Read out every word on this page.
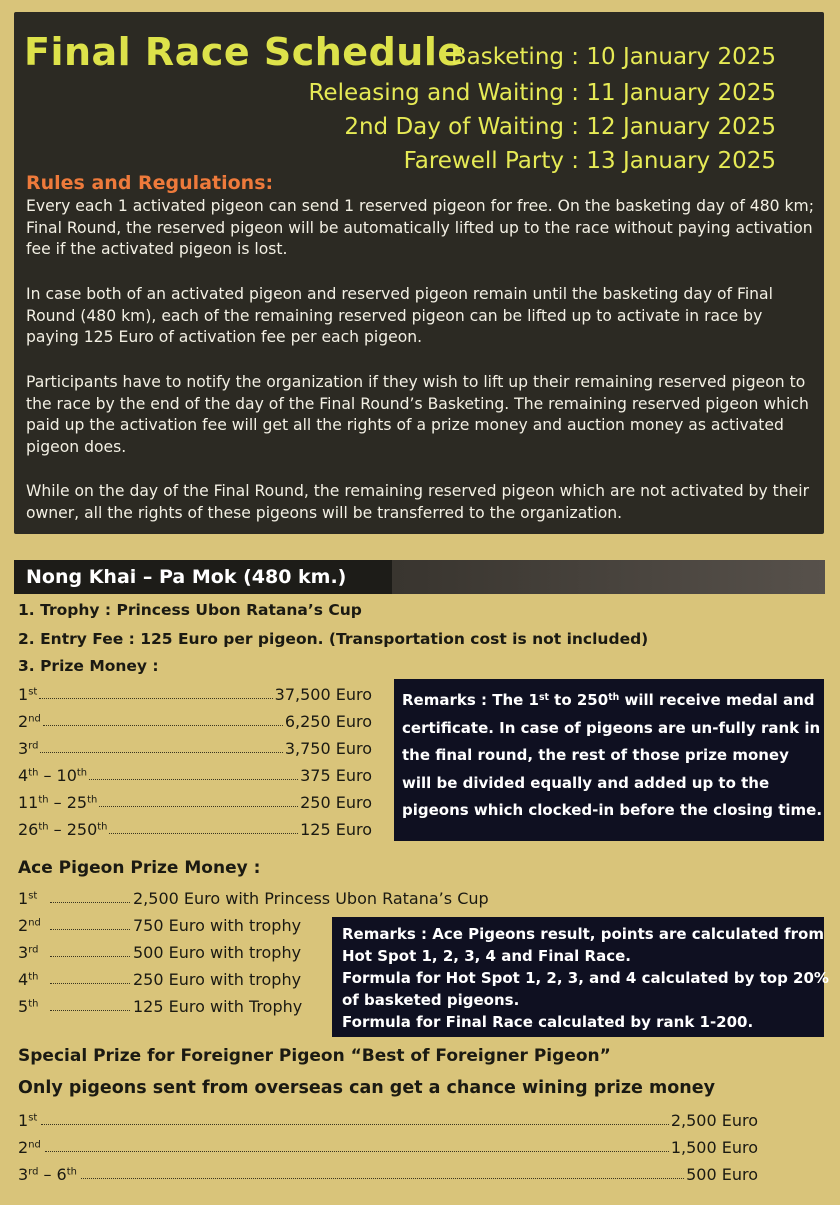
Final Race Schedule
Basketing : 10 January 2025
Releasing and Waiting : 11 January 2025
2nd Day of Waiting : 12 January 2025
Farewell Party : 13 January 2025
Rules and Regulations:
Every each 1 activated pigeon can send 1 reserved pigeon for free. On the basketing day of 480 km; Final Round, the reserved pigeon will be automatically lifted up to the race without paying activation fee if the activated pigeon is lost.
In case both of an activated pigeon and reserved pigeon remain until the basketing day of Final Round (480 km), each of the remaining reserved pigeon can be lifted up to activate in race by paying 125 Euro of activation fee per each pigeon.
Participants have to notify the organization if they wish to lift up their remaining reserved pigeon to the race by the end of the day of the Final Round’s Basketing. The remaining reserved pigeon which paid up the activation fee will get all the rights of a prize money and auction money as activated pigeon does.
While on the day of the Final Round, the remaining reserved pigeon which are not activated by their owner, all the rights of these pigeons will be transferred to the organization.
Nong Khai – Pa Mok (480 km.)
1. Trophy : Princess Ubon Ratana’s Cup
2. Entry Fee : 125 Euro per pigeon. (Transportation cost is not included)
3. Prize Money :
1st	37,500 Euro
2nd	6,250 Euro
3rd	3,750 Euro
4th – 10th	375 Euro
11th – 25th	250 Euro
26th – 250th	125 Euro
Remarks : The 1st to 250th will receive medal and
certificate. In case of pigeons are un-fully rank in
the final round, the rest of those prize money
will be divided equally and added up to the
pigeons which clocked-in before the closing time.
Ace Pigeon Prize Money :
1st	2,500 Euro with Princess Ubon Ratana’s Cup
2nd	750 Euro with trophy
3rd	500 Euro with trophy
4th	250 Euro with trophy
5th	125 Euro with Trophy
Remarks : Ace Pigeons result, points are calculated from
Hot Spot 1, 2, 3, 4 and Final Race.
Formula for Hot Spot 1, 2, 3, and 4 calculated by top 20%
of basketed pigeons.
Formula for Final Race calculated by rank 1-200.
Special Prize for Foreigner Pigeon “Best of Foreigner Pigeon”
Only pigeons sent from overseas can get a chance wining prize money
1st	2,500 Euro
2nd	1,500 Euro
3rd – 6th	500 Euro
